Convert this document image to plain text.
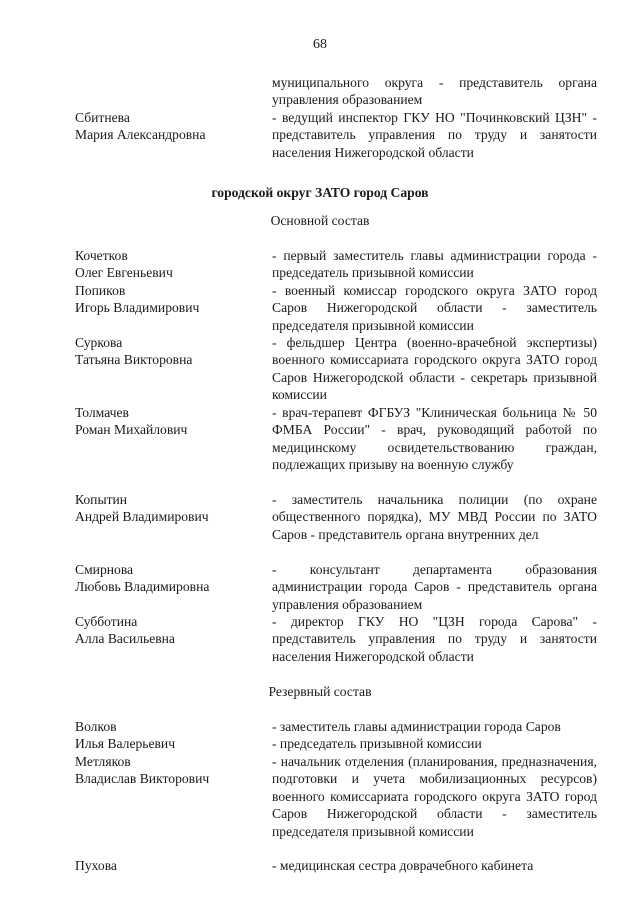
68
муниципального округа - представитель органа управления образованием
Сбитнева
Мария Александровна
- ведущий инспектор ГКУ НО "Починковский ЦЗН" - представитель управления по труду и занятости населения Нижегородской области
городской округ ЗАТО город Саров
Основной состав
Кочетков
Олег Евгеньевич
- первый заместитель главы администрации города - председатель призывной комиссии
Попиков
Игорь Владимирович
- военный комиссар городского округа ЗАТО город Саров Нижегородской области - заместитель председателя призывной комиссии
Суркова
Татьяна Викторовна
- фельдшер Центра (военно-врачебной экспертизы) военного комиссариата городского округа ЗАТО город Саров Нижегородской области - секретарь призывной комиссии
Толмачев
Роман Михайлович
- врач-терапевт ФГБУЗ "Клиническая больница № 50 ФМБА России" - врач, руководящий работой по медицинскому освидетельствованию граждан, подлежащих призыву на военную службу
Копытин
Андрей Владимирович
- заместитель начальника полиции (по охране общественного порядка), МУ МВД России по ЗАТО Саров - представитель органа внутренних дел
Смирнова
Любовь Владимировна
- консультант департамента образования администрации города Саров - представитель органа управления образованием
Субботина
Алла Васильевна
- директор ГКУ НО "ЦЗН города Сарова" - представитель управления по труду и занятости населения Нижегородской области
Резервный состав
Волков
Илья Валерьевич
- заместитель главы администрации города Саров
- председатель призывной комиссии
Метляков
Владислав Викторович
- начальник отделения (планирования, предназначения, подготовки и учета мобилизационных ресурсов) военного комиссариата городского округа ЗАТО город Саров Нижегородской области - заместитель председателя призывной комиссии
Пухова	- медицинская сестра доврачебного кабинета
